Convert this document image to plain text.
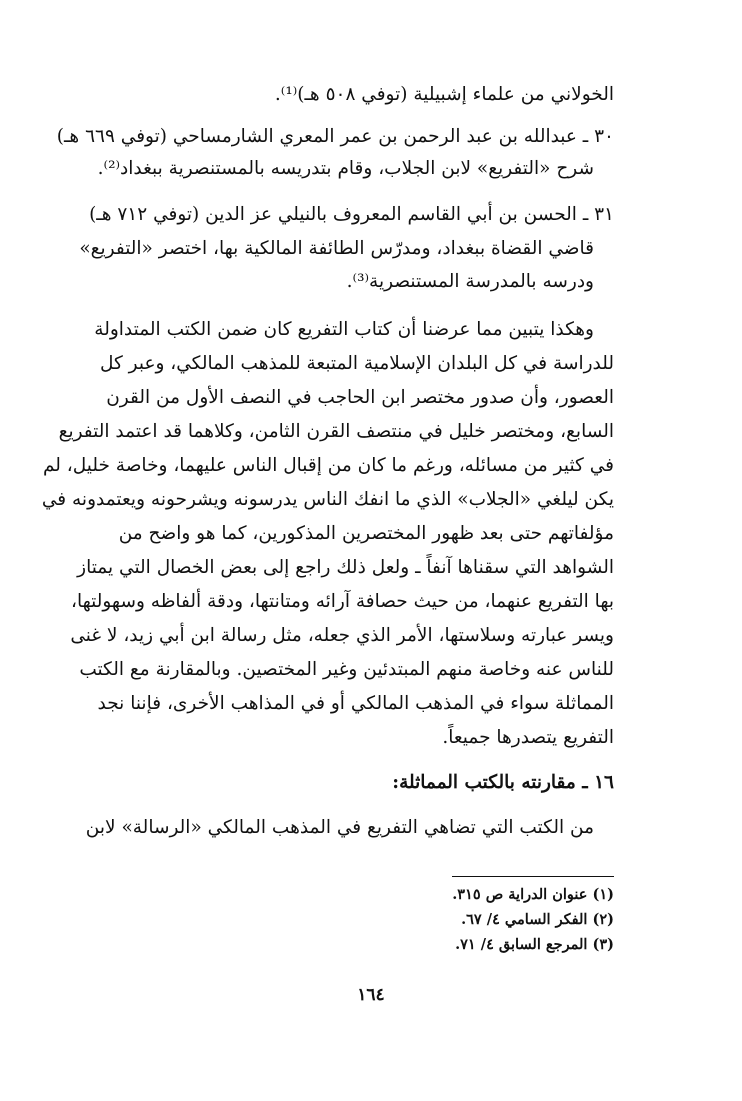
الخولاني من علماء إشبيلية (توفي ٥٠٨ هـ)⁽¹⁾.
٣٠ ـ عبدالله بن عبد الرحمن بن عمر المعري الشارمساحي (توفي ٦٦٩ هـ)
شرح «التفريع» لابن الجلاب، وقام بتدريسه بالمستنصرية ببغداد⁽²⁾.
٣١ ـ الحسن بن أبي القاسم المعروف بالنيلي عز الدين (توفي ٧١٢ هـ)
قاضي القضاة ببغداد، ومدرّس الطائفة المالكية بها، اختصر «التفريع»
ودرسه بالمدرسة المستنصرية⁽³⁾.
وهكذا يتبين مما عرضنا أن كتاب التفريع كان ضمن الكتب المتداولة
للدراسة في كل البلدان الإسلامية المتبعة للمذهب المالكي، وعبر كل
العصور، وأن صدور مختصر ابن الحاجب في النصف الأول من القرن
السابع، ومختصر خليل في منتصف القرن الثامن، وكلاهما قد اعتمد التفريع
في كثير من مسائله، ورغم ما كان من إقبال الناس عليهما، وخاصة خليل، لم
يكن ليلغي «الجلاب» الذي ما انفك الناس يدرسونه ويشرحونه ويعتمدونه في
مؤلفاتهم حتى بعد ظهور المختصرين المذكورين، كما هو واضح من
الشواهد التي سقناها آنفاً ـ ولعل ذلك راجع إلى بعض الخصال التي يمتاز
بها التفريع عنهما، من حيث حصافة آرائه ومتانتها، ودقة ألفاظه وسهولتها،
ويسر عبارته وسلاستها، الأمر الذي جعله، مثل رسالة ابن أبي زيد، لا غنى
للناس عنه وخاصة منهم المبتدئين وغير المختصين. وبالمقارنة مع الكتب
المماثلة سواء في المذهب المالكي أو في المذاهب الأخرى، فإننا نجد
التفريع يتصدرها جميعاً.
١٦ ـ مقارنته بالكتب المماثلة:
من الكتب التي تضاهي التفريع في المذهب المالكي «الرسالة» لابن
(١) عنوان الدراية ص ٣١٥.
(٢) الفكر السامي ٤/ ٦٧.
(٣) المرجع السابق ٤/ ٧١.
١٦٤
